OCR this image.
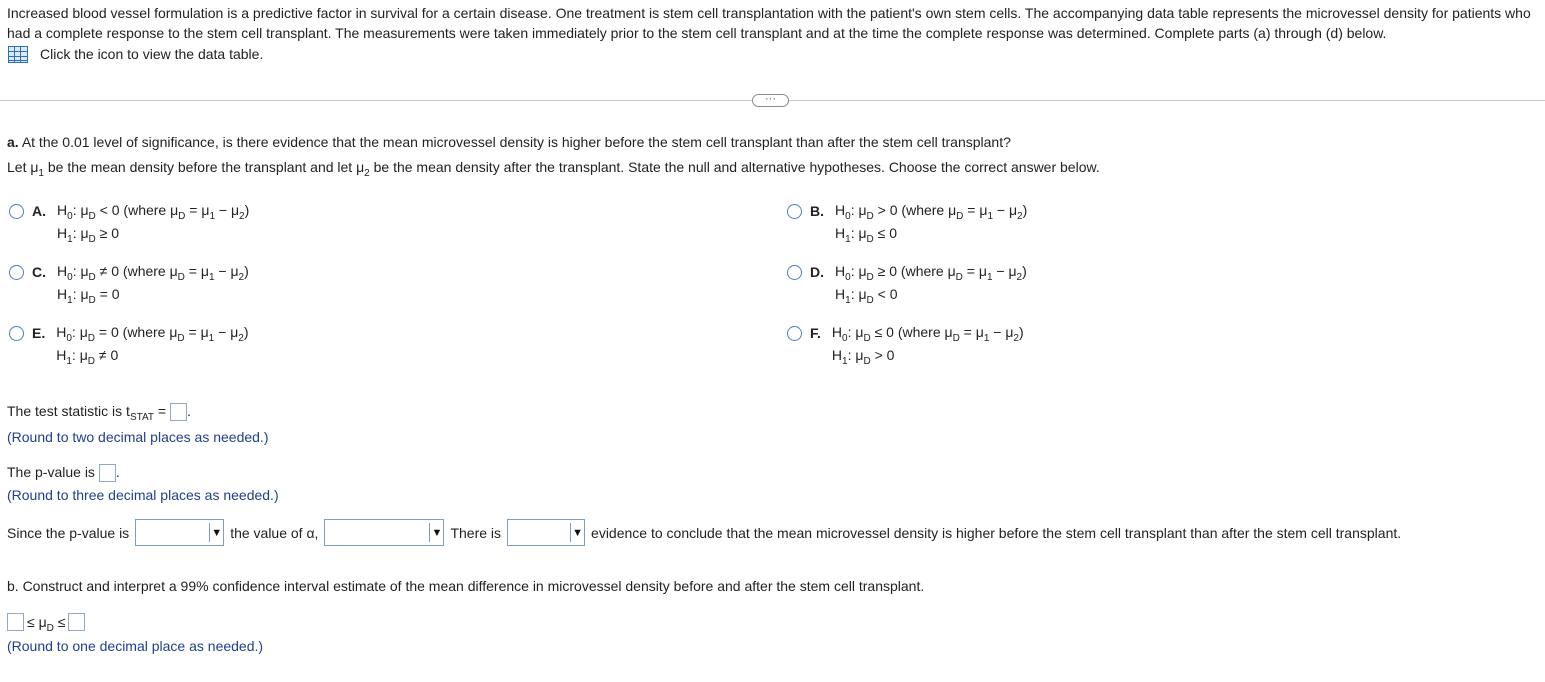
Increased blood vessel formulation is a predictive factor in survival for a certain disease. One treatment is stem cell transplantation with the patient's own stem cells. The accompanying data table represents the microvessel density for patients who had a complete response to the stem cell transplant. The measurements were taken immediately prior to the stem cell transplant and at the time the complete response was determined. Complete parts (a) through (d) below.
Click the icon to view the data table.
···
a. At the 0.01 level of significance, is there evidence that the mean microvessel density is higher before the stem cell transplant than after the stem cell transplant?
Let $\mu_1$ be the mean density before the transplant and let $\mu_2$ be the mean density after the transplant. State the null and alternative hypotheses. Choose the correct answer below.
A. $H_0$: $\mu_D < 0$ (where $\mu_D = \mu_1 - \mu_2$)
$H_1$: $\mu_D \ge 0$
B. $H_0$: $\mu_D > 0$ (where $\mu_D = \mu_1 - \mu_2$)
$H_1$: $\mu_D \le 0$
C. $H_0$: $\mu_D \ne 0$ (where $\mu_D = \mu_1 - \mu_2$)
$H_1$: $\mu_D = 0$
D. $H_0$: $\mu_D \ge 0$ (where $\mu_D = \mu_1 - \mu_2$)
$H_1$: $\mu_D < 0$
E. $H_0$: $\mu_D = 0$ (where $\mu_D = \mu_1 - \mu_2$)
$H_1$: $\mu_D \ne 0$
F. $H_0$: $\mu_D \le 0$ (where $\mu_D = \mu_1 - \mu_2$)
$H_1$: $\mu_D > 0$
The test statistic is $t_{STAT}$ = .
(Round to two decimal places as needed.)
The p-value is .
(Round to three decimal places as needed.)
Since the p-value is	▼ the value of α,	▼ There is	▼ evidence to conclude that the mean microvessel density is higher before the stem cell transplant than after the stem cell transplant.
b. Construct and interpret a 99% confidence interval estimate of the mean difference in microvessel density before and after the stem cell transplant.
≤ $\mu_D$ ≤
(Round to one decimal place as needed.)
